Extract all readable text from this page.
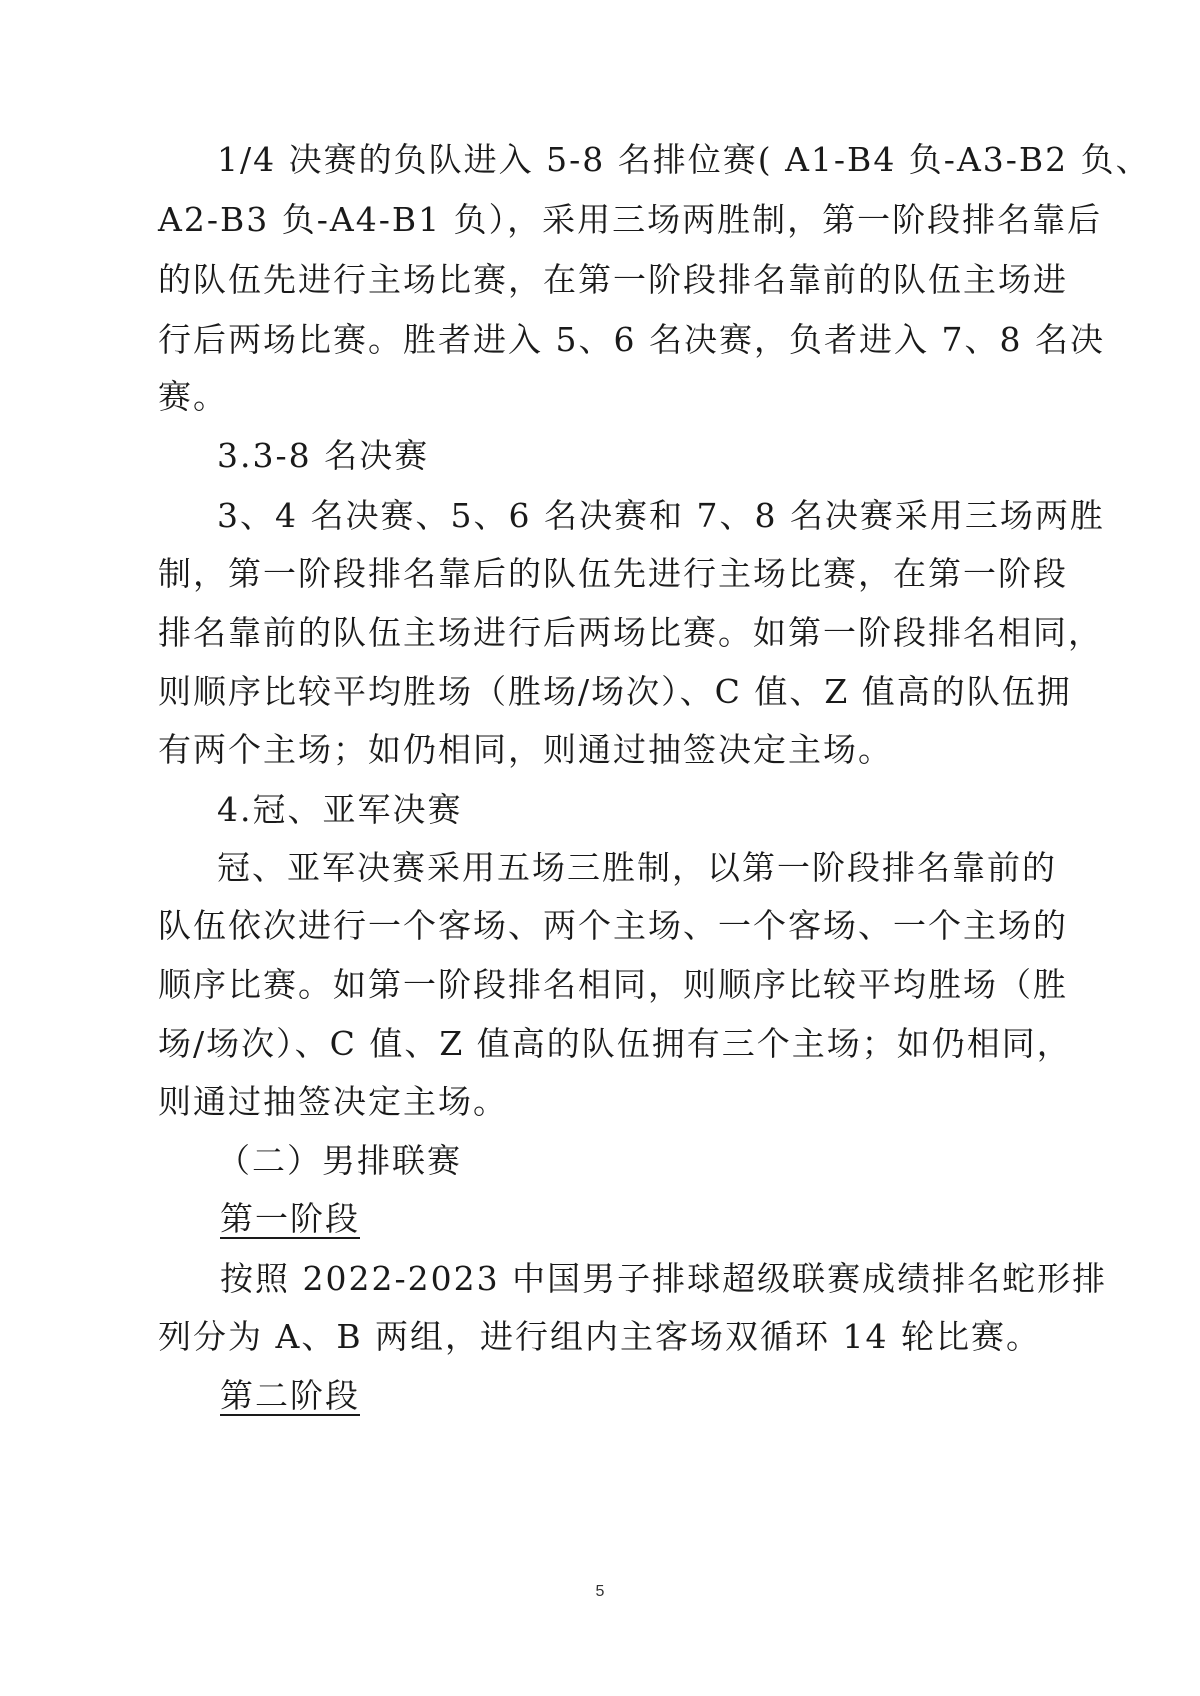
1/4 决赛的负队进入 5-8 名排位赛( A1-B4 负-A3-B2 负、
A2-B3 负-A4-B1 负），采用三场两胜制，第一阶段排名靠后
的队伍先进行主场比赛，在第一阶段排名靠前的队伍主场进
行后两场比赛。胜者进入 5、6 名决赛，负者进入 7、8 名决
赛。
3.3-8 名决赛
3、4 名决赛、5、6 名决赛和 7、8 名决赛采用三场两胜
制，第一阶段排名靠后的队伍先进行主场比赛，在第一阶段
排名靠前的队伍主场进行后两场比赛。如第一阶段排名相同，
则顺序比较平均胜场（胜场/场次）、C 值、Z 值高的队伍拥
有两个主场；如仍相同，则通过抽签决定主场。
4.冠、亚军决赛
冠、亚军决赛采用五场三胜制，以第一阶段排名靠前的
队伍依次进行一个客场、两个主场、一个客场、一个主场的
顺序比赛。如第一阶段排名相同，则顺序比较平均胜场（胜
场/场次）、C 值、Z 值高的队伍拥有三个主场；如仍相同，
则通过抽签决定主场。
（二）男排联赛
第一阶段
按照 2022-2023 中国男子排球超级联赛成绩排名蛇形排
列分为 A、B 两组，进行组内主客场双循环 14 轮比赛。
第二阶段
5
